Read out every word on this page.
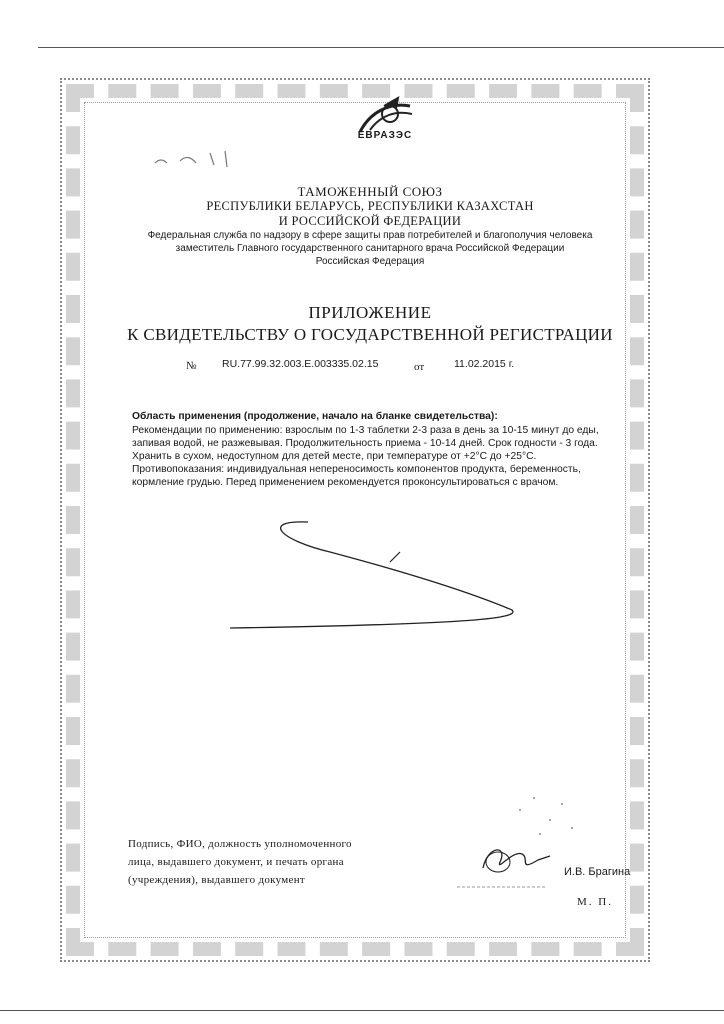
ЕВРАЗЭС
ТАМОЖЕННЫЙ СОЮЗ
РЕСПУБЛИКИ БЕЛАРУСЬ, РЕСПУБЛИКИ КАЗАХСТАН
И РОССИЙСКОЙ ФЕДЕРАЦИИ
Федеральная служба по надзору в сфере защиты прав потребителей и благополучия человека
заместитель Главного государственного санитарного врача Российской Федерации
Российская Федерация
ПРИЛОЖЕНИЕ
К СВИДЕТЕЛЬСТВУ О ГОСУДАРСТВЕННОЙ РЕГИСТРАЦИИ
№ RU.77.99.32.003.E.003335.02.15	от	11.02.2015 г.
Область применения (продолжение, начало на бланке свидетельства):
Рекомендации по применению: взрослым по 1-3 таблетки 2-3 раза в день за 10-15 минут до еды,
запивая водой, не разжевывая. Продолжительность приема - 10-14 дней. Срок годности - 3 года.
Хранить в сухом, недоступном для детей месте, при температуре от +2°С до +25°С.
Противопоказания: индивидуальная непереносимость компонентов продукта, беременность,
кормление грудью. Перед применением рекомендуется проконсультироваться с врачом.
Подпись, ФИО, должность уполномоченного
лица, выдавшего документ, и печать органа
(учреждения), выдавшего документ
И.В. Брагина
М. П.
